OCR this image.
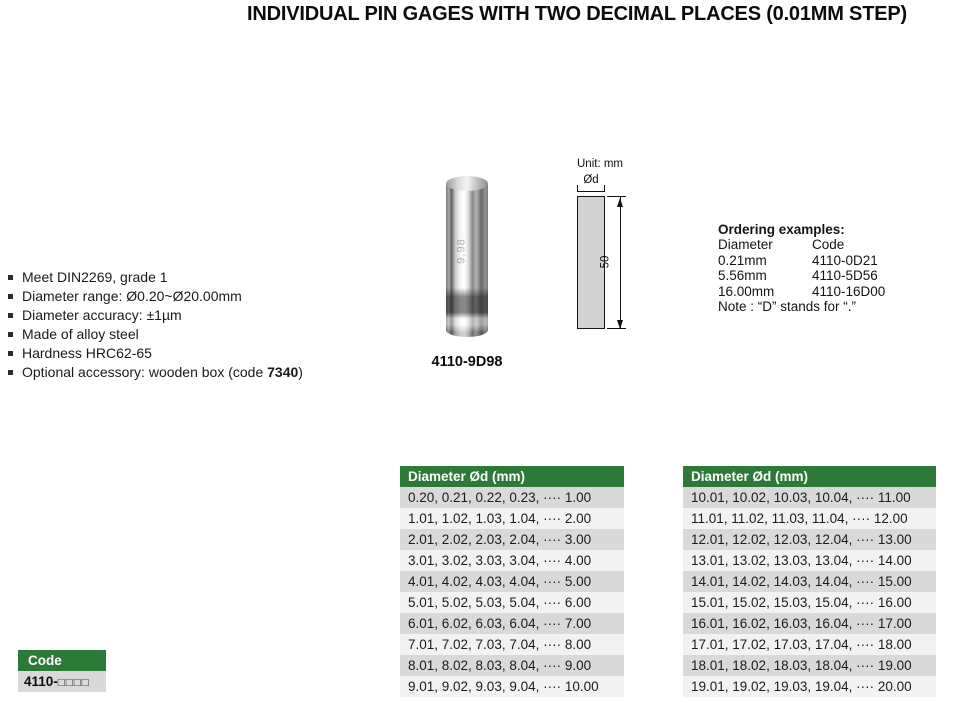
INDIVIDUAL PIN GAGES WITH TWO DECIMAL PLACES (0.01MM STEP)
Meet DIN2269, grade 1
Diameter range: Ø0.20~Ø20.00mm
Diameter accuracy: ±1µm
Made of alloy steel
Hardness HRC62-65
Optional accessory: wooden box (code 7340)
9.98
4110-9D98
Unit: mm
Ød
50
Ordering examples:
Diameter	Code
0.21mm	4110-0D21
5.56mm	4110-5D56
16.00mm	4110-16D00
Note : “D” stands for “.”
Code
4110-□□□□
Diameter Ød (mm)
0.20, 0.21, 0.22, 0.23, ···· 1.00
1.01, 1.02, 1.03, 1.04, ···· 2.00
2.01, 2.02, 2.03, 2.04, ···· 3.00
3.01, 3.02, 3.03, 3.04, ···· 4.00
4.01, 4.02, 4.03, 4.04, ···· 5.00
5.01, 5.02, 5.03, 5.04, ···· 6.00
6.01, 6.02, 6.03, 6.04, ···· 7.00
7.01, 7.02, 7.03, 7.04, ···· 8.00
8.01, 8.02, 8.03, 8.04, ···· 9.00
9.01, 9.02, 9.03, 9.04, ···· 10.00
Diameter Ød (mm)
10.01, 10.02, 10.03, 10.04, ···· 11.00
11.01, 11.02, 11.03, 11.04, ···· 12.00
12.01, 12.02, 12.03, 12.04, ···· 13.00
13.01, 13.02, 13.03, 13.04, ···· 14.00
14.01, 14.02, 14.03, 14.04, ···· 15.00
15.01, 15.02, 15.03, 15.04, ···· 16.00
16.01, 16.02, 16.03, 16.04, ···· 17.00
17.01, 17.02, 17.03, 17.04, ···· 18.00
18.01, 18.02, 18.03, 18.04, ···· 19.00
19.01, 19.02, 19.03, 19.04, ···· 20.00
